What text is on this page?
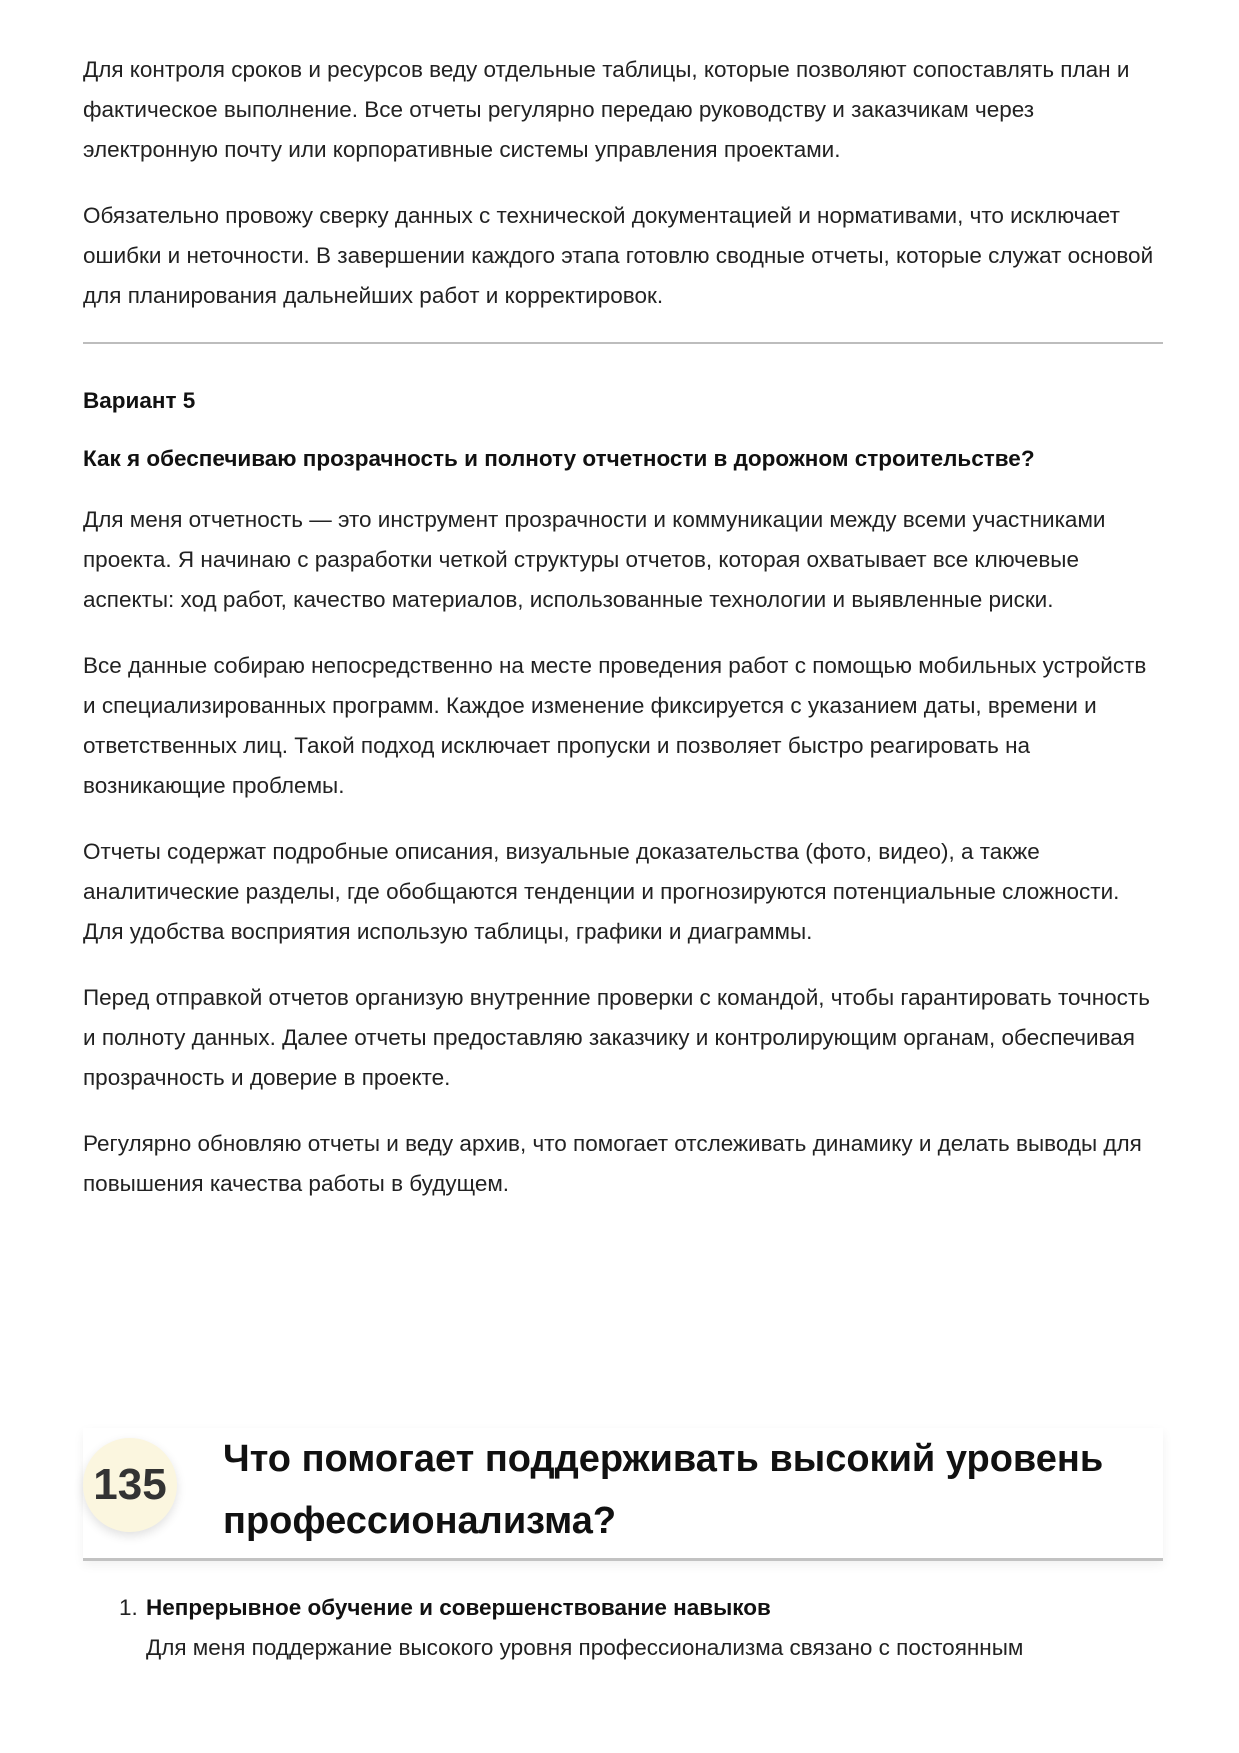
Для контроля сроков и ресурсов веду отдельные таблицы, которые позволяют сопоставлять план и фактическое выполнение. Все отчеты регулярно передаю руководству и заказчикам через электронную почту или корпоративные системы управления проектами.

Обязательно провожу сверку данных с технической документацией и нормативами, что исключает ошибки и неточности. В завершении каждого этапа готовлю сводные отчеты, которые служат основой для планирования дальнейших работ и корректировок.

Вариант 5
Как я обеспечиваю прозрачность и полноту отчетности в дорожном строительстве?

Для меня отчетность — это инструмент прозрачности и коммуникации между всеми участниками проекта. Я начинаю с разработки четкой структуры отчетов, которая охватывает все ключевые аспекты: ход работ, качество материалов, использованные технологии и выявленные риски.

Все данные собираю непосредственно на месте проведения работ с помощью мобильных устройств и специализированных программ. Каждое изменение фиксируется с указанием даты, времени и ответственных лиц. Такой подход исключает пропуски и позволяет быстро реагировать на возникающие проблемы.

Отчеты содержат подробные описания, визуальные доказательства (фото, видео), а также аналитические разделы, где обобщаются тенденции и прогнозируются потенциальные сложности. Для удобства восприятия использую таблицы, графики и диаграммы.

Перед отправкой отчетов организую внутренние проверки с командой, чтобы гарантировать точность и полноту данных. Далее отчеты предоставляю заказчику и контролирующим органам, обеспечивая прозрачность и доверие в проекте.

Регулярно обновляю отчеты и веду архив, что помогает отслеживать динамику и делать выводы для повышения качества работы в будущем.

135
Что помогает поддерживать высокий уровень профессионализма?
1. Непрерывное обучение и совершенствование навыков
Для меня поддержание высокого уровня профессионализма связано с постоянным
